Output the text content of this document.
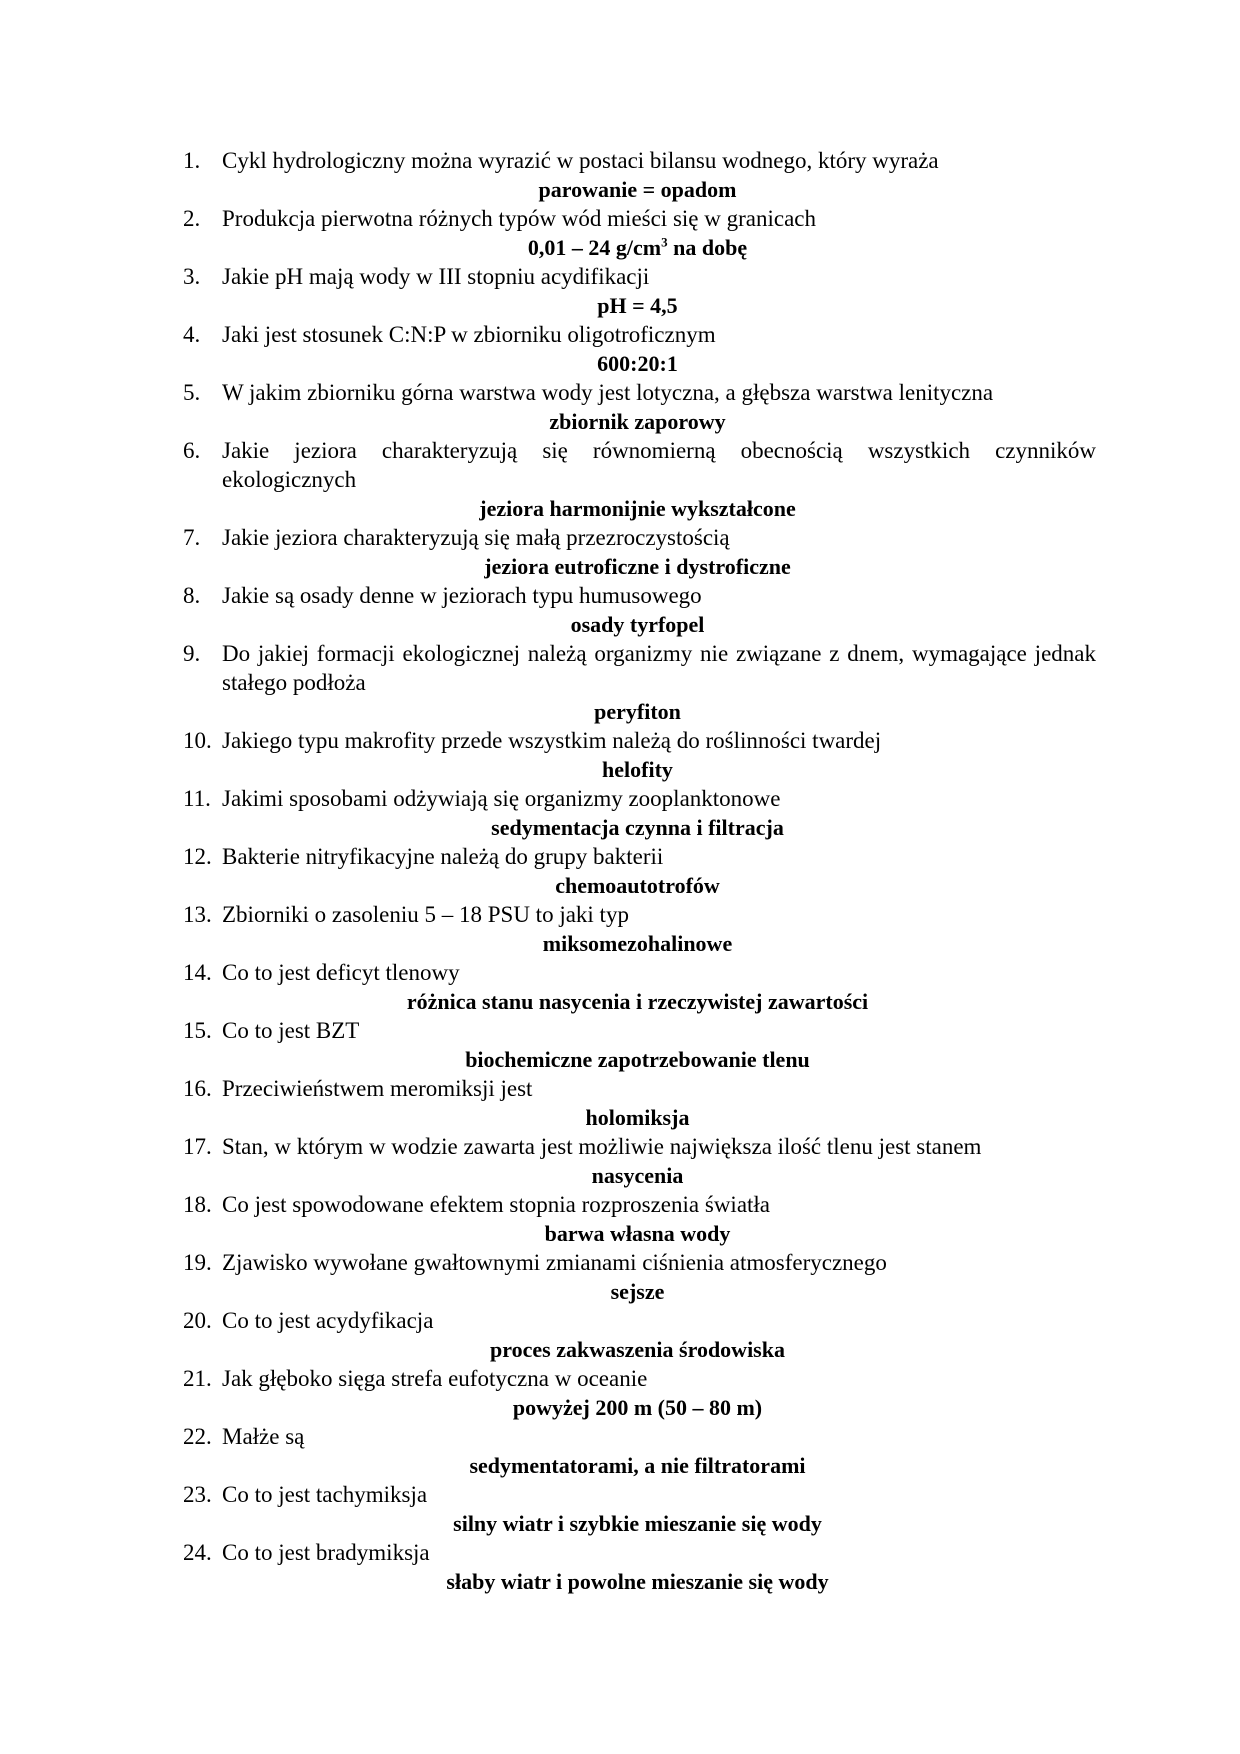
1. Cykl hydrologiczny można wyrazić w postaci bilansu wodnego, który wyraża
parowanie = opadom
2. Produkcja pierwotna różnych typów wód mieści się w granicach
0,01 – 24 $g/cm^3$ na dobę
3. Jakie pH mają wody w III stopniu acydifikacji
pH = 4,5
4. Jaki jest stosunek C:N:P w zbiorniku oligotroficznym
600:20:1
5. W jakim zbiorniku górna warstwa wody jest lotyczna, a głębsza warstwa lenityczna
zbiornik zaporowy
6. Jakie jeziora charakteryzują się równomierną obecnością wszystkich czynników ekologicznych
jeziora harmonijnie wykształcone
7. Jakie jeziora charakteryzują się małą przezroczystością
jeziora eutroficzne i dystroficzne
8. Jakie są osady denne w jeziorach typu humusowego
osady tyrfopel
9. Do jakiej formacji ekologicznej należą organizmy nie związane z dnem, wymagające jednak stałego podłoża
peryfiton
10. Jakiego typu makrofity przede wszystkim należą do roślinności twardej
helofity
11. Jakimi sposobami odżywiają się organizmy zooplanktonowe
sedymentacja czynna i filtracja
12. Bakterie nitryfikacyjne należą do grupy bakterii
chemoautotrofów
13. Zbiorniki o zasoleniu 5 – 18 PSU to jaki typ
miksomezohalinowe
14. Co to jest deficyt tlenowy
różnica stanu nasycenia i rzeczywistej zawartości
15. Co to jest BZT
biochemiczne zapotrzebowanie tlenu
16. Przeciwieństwem meromiksji jest
holomiksja
17. Stan, w którym w wodzie zawarta jest możliwie największa ilość tlenu jest stanem
nasycenia
18. Co jest spowodowane efektem stopnia rozproszenia światła
barwa własna wody
19. Zjawisko wywołane gwałtownymi zmianami ciśnienia atmosferycznego
sejsze
20. Co to jest acydyfikacja
proces zakwaszenia środowiska
21. Jak głęboko sięga strefa eufotyczna w oceanie
powyżej 200 m (50 – 80 m)
22. Małże są
sedymentatorami, a nie filtratorami
23. Co to jest tachymiksja
silny wiatr i szybkie mieszanie się wody
24. Co to jest bradymiksja
słaby wiatr i powolne mieszanie się wody
